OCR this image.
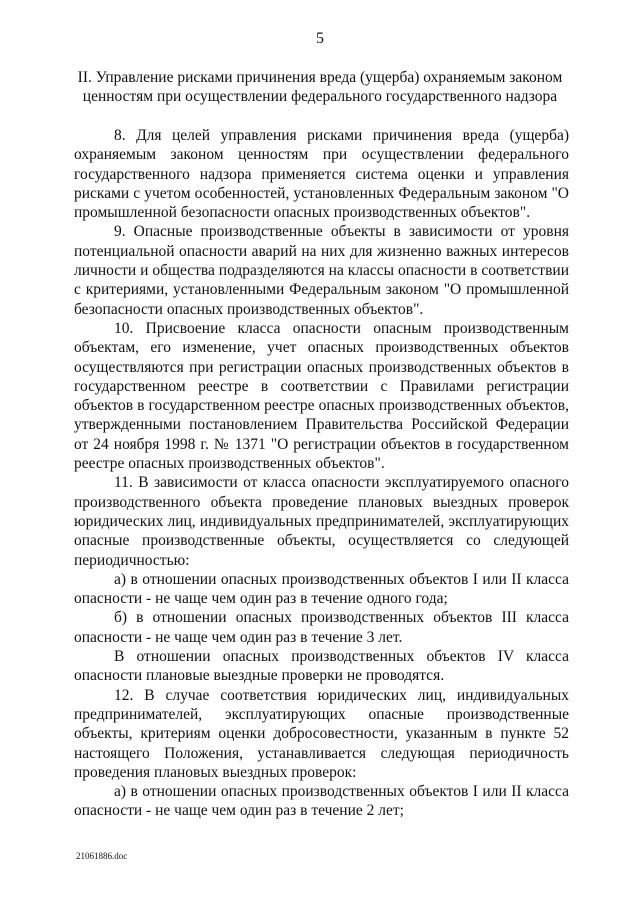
5
II. Управление рисками причинения вреда (ущерба) охраняемым законом ценностям при осуществлении федерального государственного надзора

8. Для целей управления рисками причинения вреда (ущерба) охраняемым законом ценностям при осуществлении федерального государственного надзора применяется система оценки и управления рисками с учетом особенностей, установленных Федеральным законом "О промышленной безопасности опасных производственных объектов".

9. Опасные производственные объекты в зависимости от уровня потенциальной опасности аварий на них для жизненно важных интересов личности и общества подразделяются на классы опасности в соответствии с критериями, установленными Федеральным законом "О промышленной безопасности опасных производственных объектов".

10. Присвоение класса опасности опасным производственным объектам, его изменение, учет опасных производственных объектов осуществляются при регистрации опасных производственных объектов в государственном реестре в соответствии с Правилами регистрации объектов в государственном реестре опасных производственных объектов, утвержденными постановлением Правительства Российской Федерации от 24 ноября 1998 г. № 1371 "О регистрации объектов в государственном реестре опасных производственных объектов".

11. В зависимости от класса опасности эксплуатируемого опасного производственного объекта проведение плановых выездных проверок юридических лиц, индивидуальных предпринимателей, эксплуатирующих опасные производственные объекты, осуществляется со следующей периодичностью:

а) в отношении опасных производственных объектов I или II класса опасности - не чаще чем один раз в течение одного года;

б) в отношении опасных производственных объектов III класса опасности - не чаще чем один раз в течение 3 лет.

В отношении опасных производственных объектов IV класса опасности плановые выездные проверки не проводятся.

12. В случае соответствия юридических лиц, индивидуальных предпринимателей, эксплуатирующих опасные производственные объекты, критериям оценки добросовестности, указанным в пункте 52 настоящего Положения, устанавливается следующая периодичность проведения плановых выездных проверок:

а) в отношении опасных производственных объектов I или II класса опасности - не чаще чем один раз в течение 2 лет;

21061886.doc
